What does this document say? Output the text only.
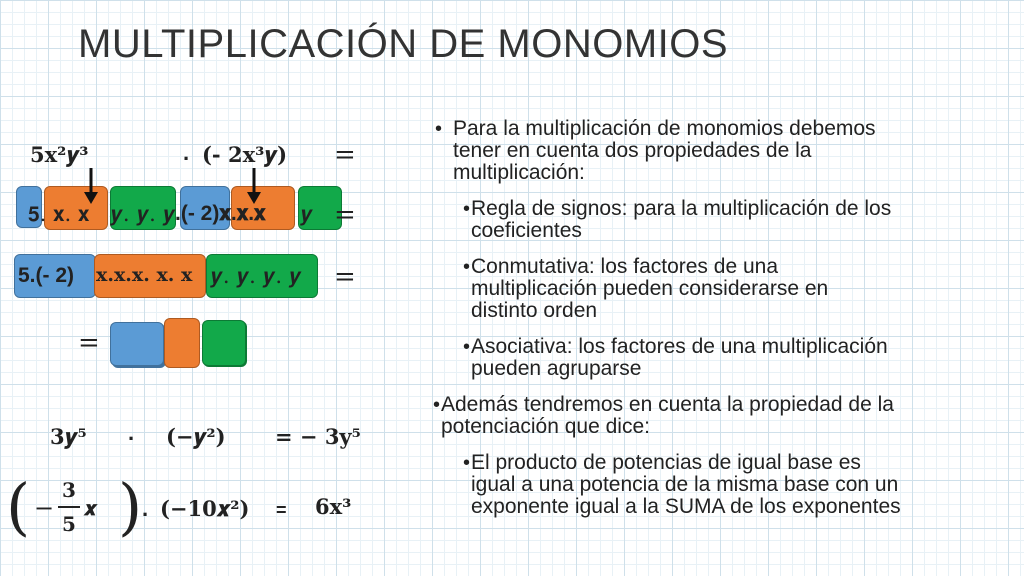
MULTIPLICACIÓN DE MONOMIOS
𝟓𝐱²𝒚³	. (- 2𝐱³𝒚) =
𝟓. 𝐱. 𝐱 𝒚. 𝒚. 𝒚 .(- 2)𝐱.𝐱.𝐱 𝒚 =
5.(- 2) 𝐱.𝐱.𝐱. 𝐱. 𝐱 𝒚. 𝒚. 𝒚. 𝒚 =
=
𝟑𝒚⁵ . (−𝒚²) = − 𝟑𝐲⁵
( −
3
5
𝒙 ) . (−𝟏𝟎𝒙²) = 𝟔𝐱³
• Para la multiplicación de monomios debemos
tener en cuenta dos propiedades de la
multiplicación:
• Regla de signos: para la multiplicación de los
coeficientes
• Conmutativa: los factores de una
multiplicación pueden considerarse en
distinto orden
• Asociativa: los factores de una multiplicación
pueden agruparse
• Además tendremos en cuenta la propiedad de la
potenciación que dice:
• El producto de potencias de igual base es
igual a una potencia de la misma base con un
exponente igual a la SUMA de los exponentes
